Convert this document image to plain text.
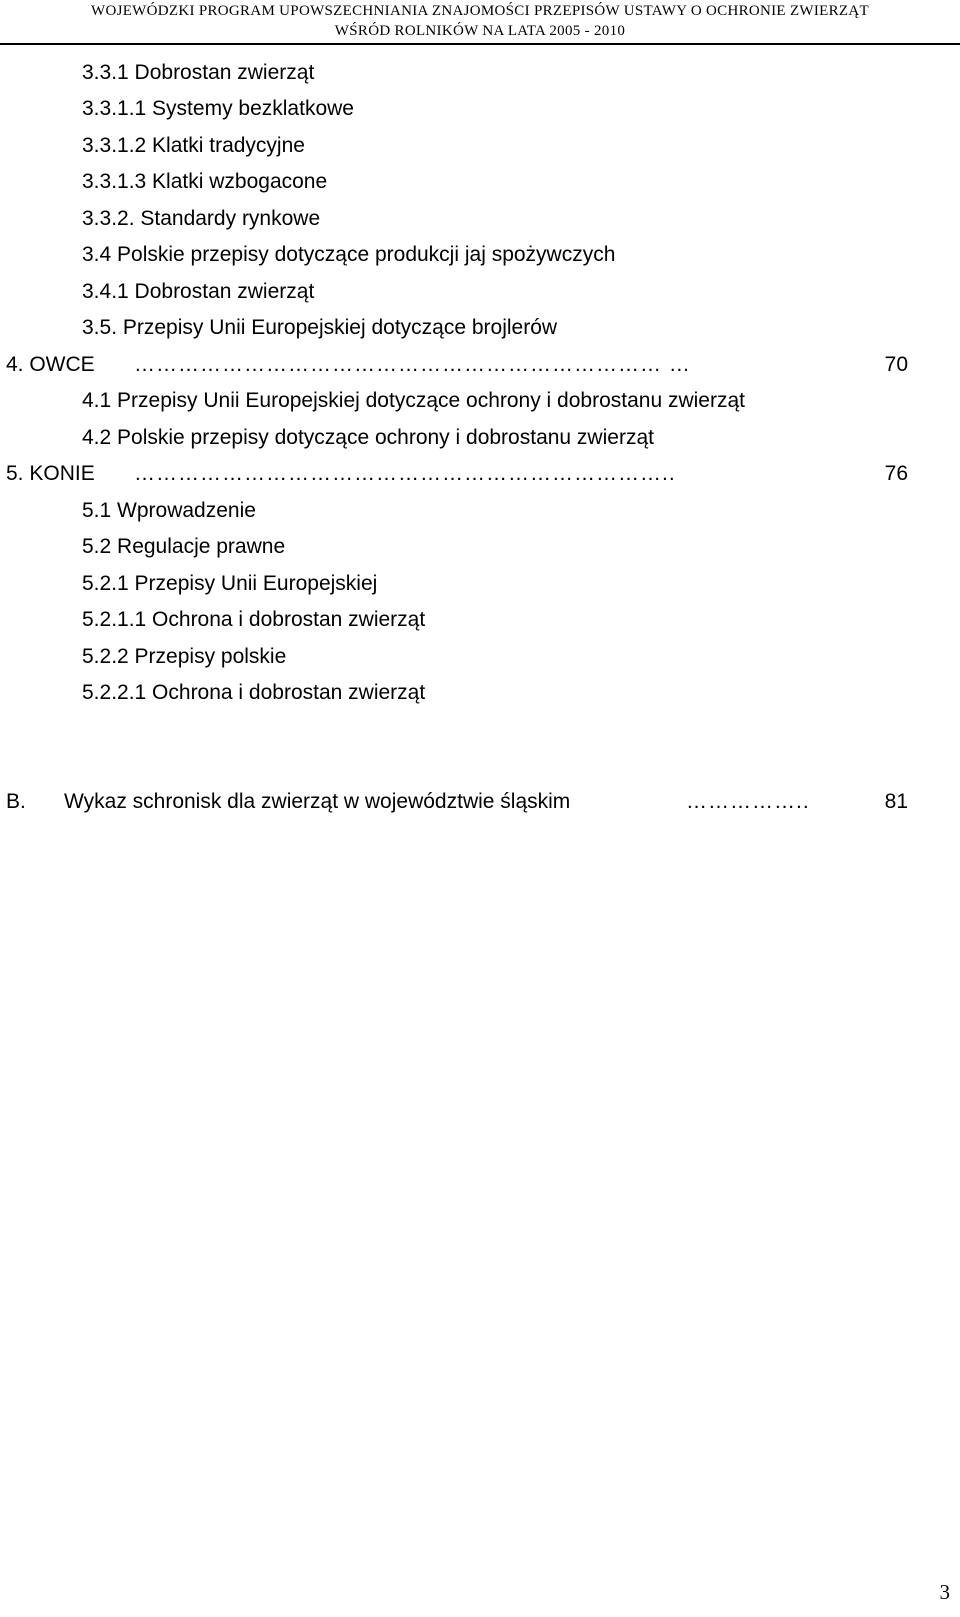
WOJEWÓDZKI PROGRAM UPOWSZECHNIANIA ZNAJOMOŚCI PRZEPISÓW USTAWY O OCHRONIE ZWIERZĄT
WŚRÓD ROLNIKÓW NA LATA 2005 - 2010
3.3.1 Dobrostan zwierząt
3.3.1.1 Systemy bezklatkowe
3.3.1.2 Klatki tradycyjne
3.3.1.3 Klatki wzbogacone
3.3.2. Standardy rynkowe
3.4 Polskie przepisy dotyczące produkcji jaj spożywczych
3.4.1 Dobrostan zwierząt
3.5. Przepisy Unii Europejskiej dotyczące brojlerów
4. OWCE ……………………………………………………………… …	70
4.1 Przepisy Unii Europejskiej dotyczące ochrony i dobrostanu zwierząt
4.2 Polskie przepisy dotyczące ochrony i dobrostanu zwierząt
5. KONIE ………………………………………………………………..	76
5.1 Wprowadzenie
5.2 Regulacje prawne
5.2.1 Przepisy Unii Europejskiej
5.2.1.1 Ochrona i dobrostan zwierząt
5.2.2 Przepisy polskie
5.2.2.1 Ochrona i dobrostan zwierząt
B. Wykaz schronisk dla zwierząt w województwie śląskim	……………..	81
3
